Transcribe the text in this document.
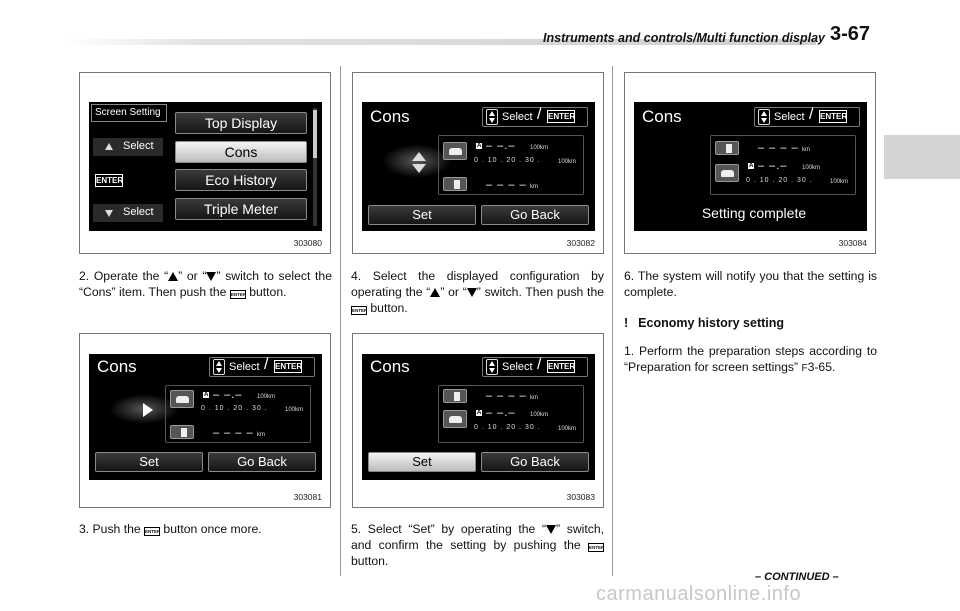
Instruments and controls/Multi function display 3-67
Screen Setting
Select
ENTER
Select
Top Display
Cons
Eco History
Triple Meter
303080
2. Operate the “ ” or “ ” switch to select the “Cons” item. Then push the ENTER button.
Cons	Select / ENTER
A – –.– 100km
0 . 10 . 20 . 30 .	100km
– – – – km
Set	Go Back
303081
3. Push the ENTER button once more.
Cons	Select / ENTER
A – –.– 100km
0 . 10 . 20 . 30 .	100km
– – – – km
Set	Go Back
303082
4. Select the displayed configuration by operating the “ ” or “ ” switch. Then push the ENTER button.
Cons	Select / ENTER
– – – – km
A – –.– 100km
0 . 10 . 20 . 30 .	100km
Set	Go Back
303083
5. Select “Set” by operating the “ ” switch, and confirm the setting by pushing the ENTER button.
Cons	Select / ENTER
– – – – km
A – –.– 100km
0 . 10 . 20 . 30 .	100km
Setting complete
303084
6. The system will notify you that the setting is complete.
! Economy history setting
1. Perform the preparation steps according to “Preparation for screen settings” F3-65.
– CONTINUED –
carmanualsonline.info
